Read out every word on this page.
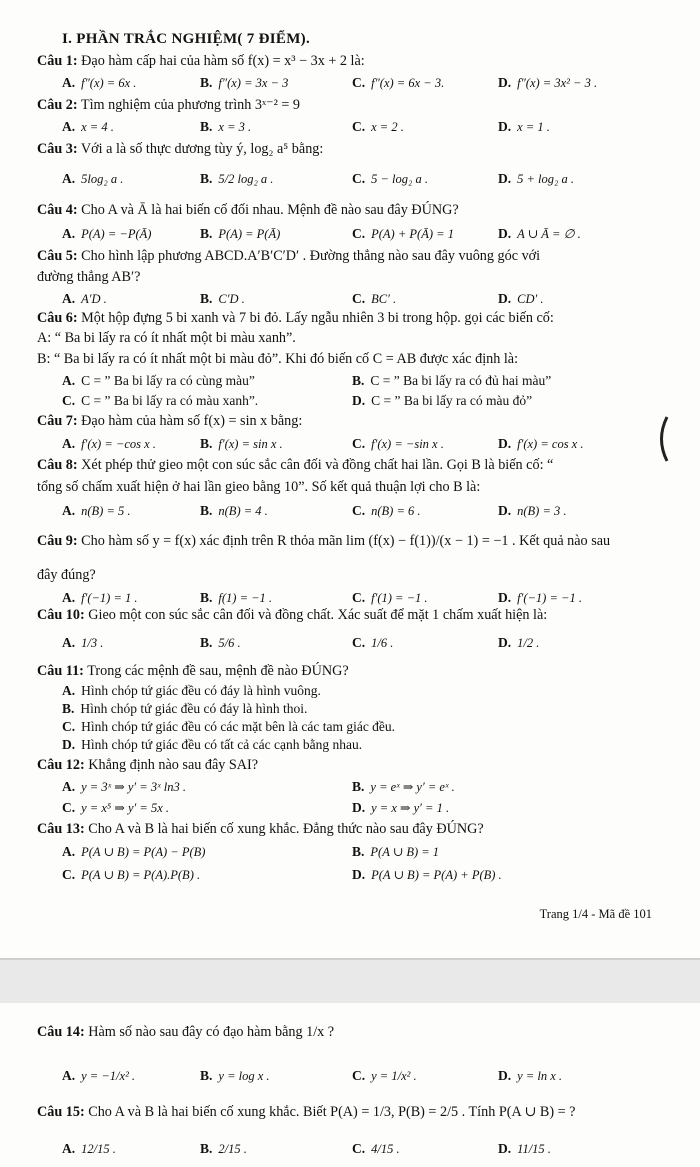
I. PHẦN TRẮC NGHIỆM( 7 ĐIỂM).
Câu 1: Đạo hàm cấp hai của hàm số f(x) = x³ − 3x + 2 là:
A. f″(x) = 6x .	B. f″(x) = 3x − 3	C. f″(x) = 6x − 3.	D. f″(x) = 3x² − 3 .
Câu 2: Tìm nghiệm của phương trình 3ˣ⁻² = 9
A. x = 4 .	B. x = 3 .	C. x = 2 .	D. x = 1 .
Câu 3: Với a là số thực dương tùy ý, log₂ a⁵ bằng:
A. 5log₂ a .	B. 5/2 log₂ a .	C. 5 − log₂ a .	D. 5 + log₂ a .
Câu 4: Cho A và Ā là hai biến cố đối nhau. Mệnh đề nào sau đây ĐÚNG?
A. P(A) = −P(Ā)	B. P(A) = P(Ā)	C. P(A) + P(Ā) = 1	D. A ∪ Ā = ∅ .
Câu 5: Cho hình lập phương ABCD.A′B′C′D′ . Đường thẳng nào sau đây vuông góc với
đường thẳng AB′?
A. A′D .	B. C′D .	C. BC′ .	D. CD′ .
Câu 6: Một hộp đựng 5 bi xanh và 7 bi đỏ. Lấy ngẫu nhiên 3 bi trong hộp. gọi các biến cố:
A: “ Ba bi lấy ra có ít nhất một bi màu xanh”.
B: “ Ba bi lấy ra có ít nhất một bi màu đỏ”. Khi đó biến cố C = AB được xác định là:
A. C = ” Ba bi lấy ra có cùng màu”	B. C = ” Ba bi lấy ra có đủ hai màu”
C. C = ” Ba bi lấy ra có màu xanh”.	D. C = ” Ba bi lấy ra có màu đỏ”
Câu 7: Đạo hàm của hàm số f(x) = sin x bằng:
A. f′(x) = −cos x .	B. f′(x) = sin x .	C. f′(x) = −sin x .	D. f′(x) = cos x .
Câu 8: Xét phép thử gieo một con súc sắc cân đối và đồng chất hai lần. Gọi B là biến cố: “
tổng số chấm xuất hiện ở hai lần gieo bằng 10”. Số kết quả thuận lợi cho B là:
A. n(B) = 5 .	B. n(B) = 4 .	C. n(B) = 6 .	D. n(B) = 3 .
Câu 9: Cho hàm số y = f(x) xác định trên R thỏa mãn lim (f(x) − f(1))/(x − 1) = −1 . Kết quả nào sau
đây đúng?
A. f′(−1) = 1 .	B. f(1) = −1 .	C. f′(1) = −1 .	D. f′(−1) = −1 .
Câu 10: Gieo một con súc sắc cân đối và đồng chất. Xác suất để mặt 1 chấm xuất hiện là:
A. 1/3 .	B. 5/6 .	C. 1/6 .	D. 1/2 .
Câu 11: Trong các mệnh đề sau, mệnh đề nào ĐÚNG?
A. Hình chóp tứ giác đều có đáy là hình vuông.
B. Hình chóp tứ giác đều có đáy là hình thoi.
C. Hình chóp tứ giác đều có các mặt bên là các tam giác đều.
D. Hình chóp tứ giác đều có tất cả các cạnh bằng nhau.
Câu 12: Khẳng định nào sau đây SAI?
A. y = 3ˣ ⇒ y′ = 3ˣ ln3 .	B. y = eˣ ⇒ y′ = eˣ .
C. y = x⁵ ⇒ y′ = 5x .	D. y = x ⇒ y′ = 1 .
Câu 13: Cho A và B là hai biến cố xung khắc. Đẳng thức nào sau đây ĐÚNG?
A. P(A ∪ B) = P(A) − P(B)	B. P(A ∪ B) = 1
C. P(A ∪ B) = P(A).P(B) .	D. P(A ∪ B) = P(A) + P(B) .
Trang 1/4 - Mã đề 101
Câu 14: Hàm số nào sau đây có đạo hàm bằng 1/x ?
A. y = −1/x² .	B. y = log x .	C. y = 1/x² .	D. y = ln x .
Câu 15: Cho A và B là hai biến cố xung khắc. Biết P(A) = 1/3, P(B) = 2/5 . Tính P(A ∪ B) = ?
A. 12/15 .	B. 2/15 .	C. 4/15 .	D. 11/15 .
